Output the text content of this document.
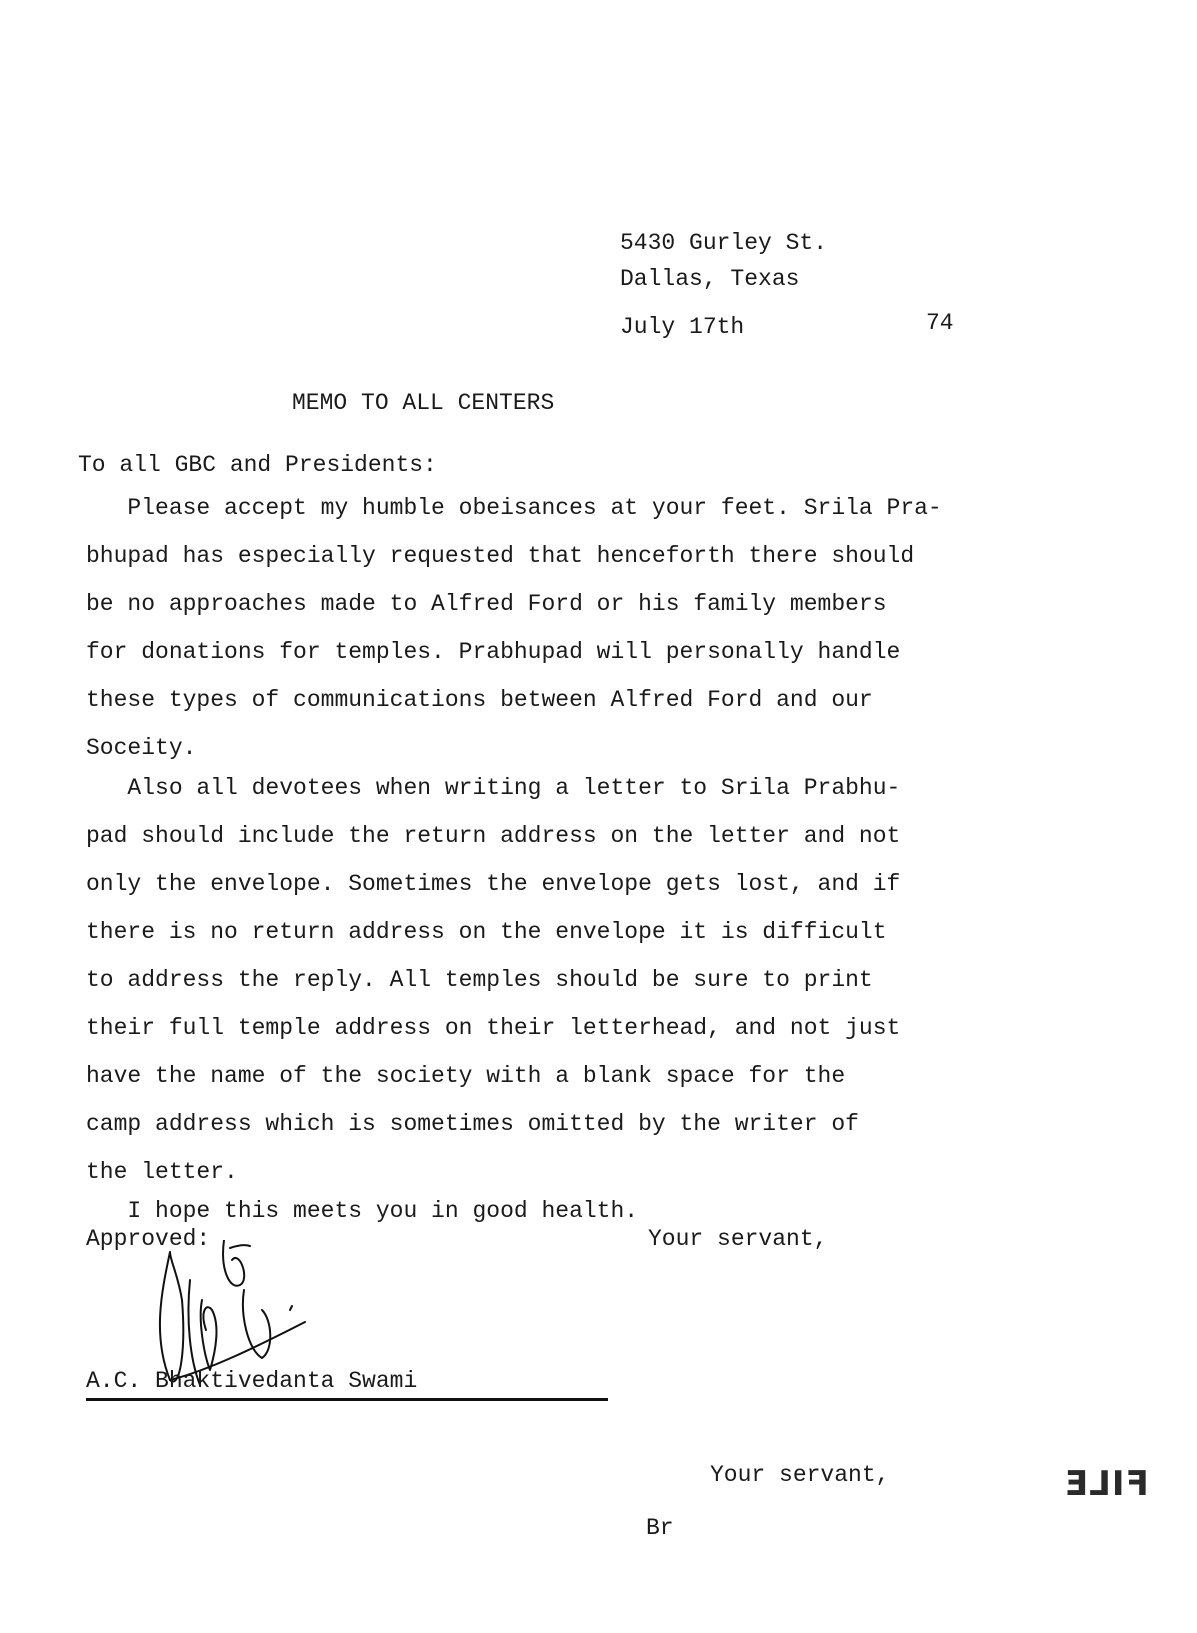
5430 Gurley St.
Dallas, Texas
July 17th	74
MEMO TO ALL CENTERS
To all GBC and Presidents:
Please accept my humble obeisances at your feet. Srila Pra-
bhupad has especially requested that henceforth there should
be no approaches made to Alfred Ford or his family members
for donations for temples. Prabhupad will personally handle
these types of communications between Alfred Ford and our
Soceity.
Also all devotees when writing a letter to Srila Prabhu-
pad should include the return address on the letter and not
only the envelope. Sometimes the envelope gets lost, and if
there is no return address on the envelope it is difficult
to address the reply. All temples should be sure to print
their full temple address on their letterhead, and not just
have the name of the society with a blank space for the
camp address which is sometimes omitted by the writer of
the letter.
I hope this meets you in good health.
Approved:	Your servant,
A.C. Bhaktivedanta Swami
FILE
Your servant,
Br
